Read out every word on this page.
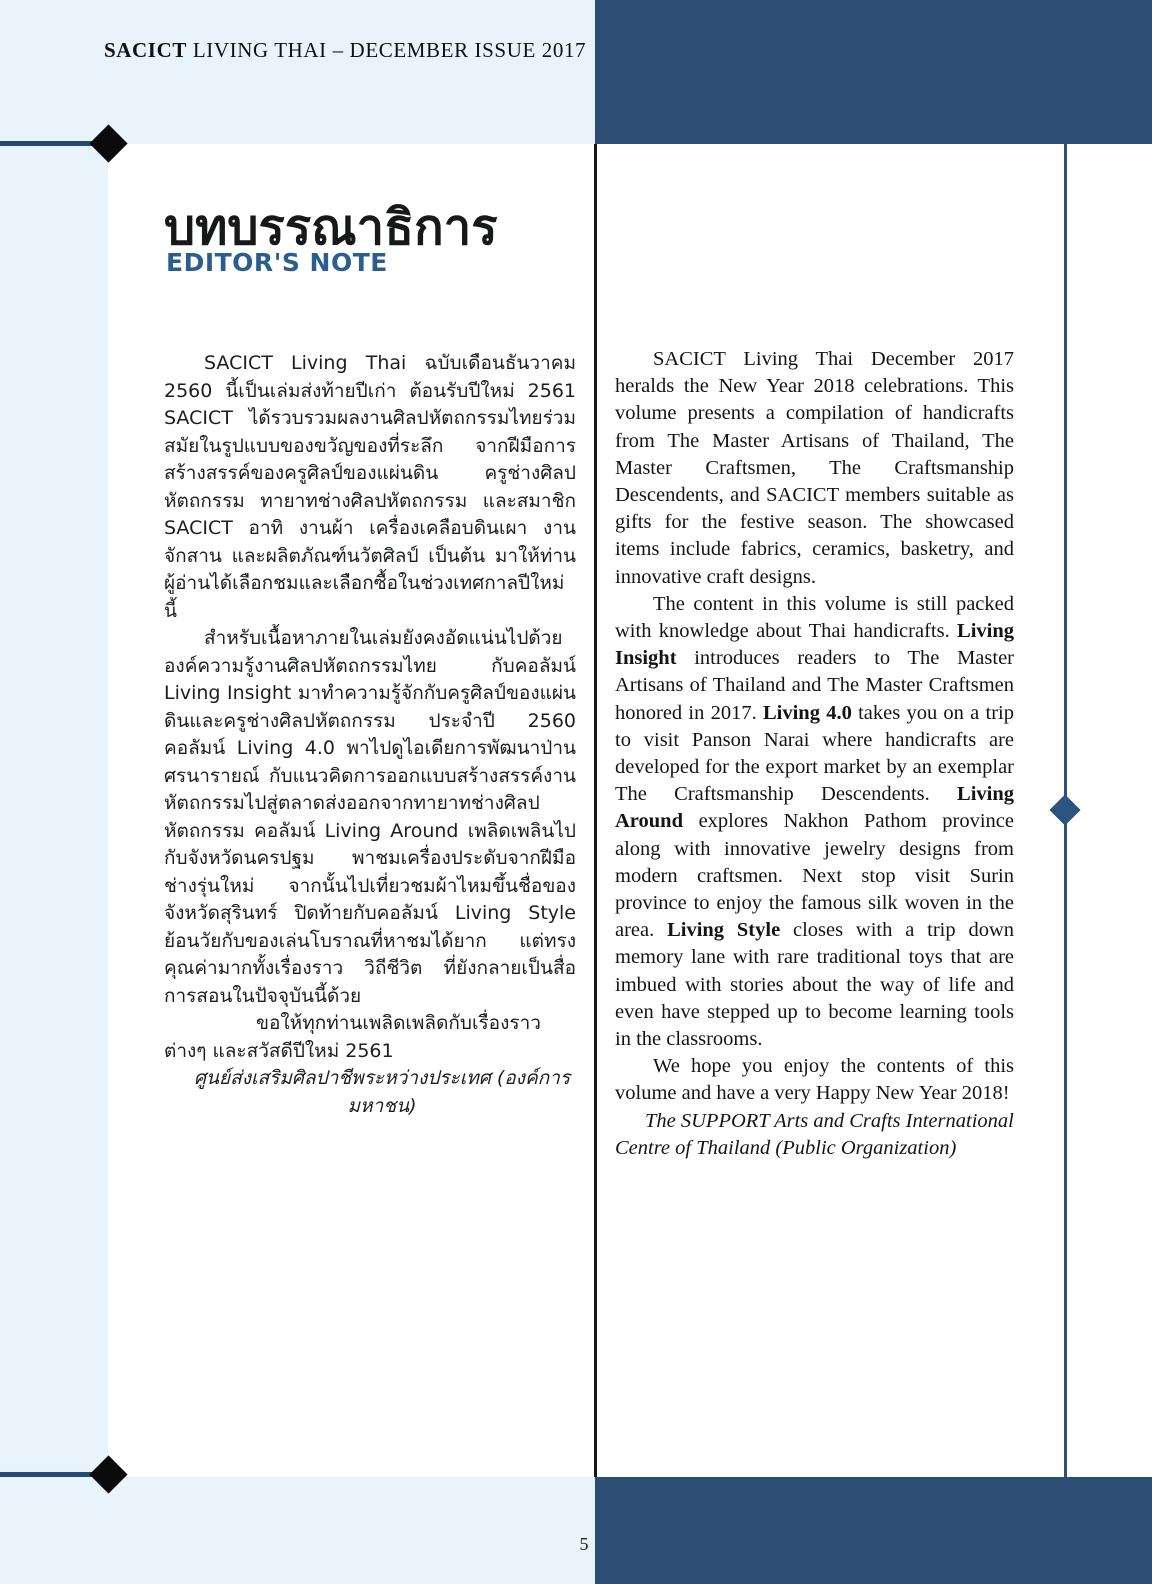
SACICT LIVING THAI – DECEMBER ISSUE 2017
บทบรรณาธิการ
EDITOR'S NOTE

SACICT Living Thai ฉบับเดือนธันวาคม 2560 นี้เป็นเล่มส่งท้ายปีเก่า ต้อนรับปีใหม่ 2561 SACICT ได้รวบรวมผลงานศิลปหัตถกรรมไทยร่วมสมัยในรูปแบบของขวัญของที่ระลึก จากฝีมือการสร้างสรรค์ของครูศิลป์ของแผ่นดิน ครูช่างศิลปหัตถกรรม ทายาทช่างศิลปหัตถกรรม และสมาชิก SACICT อาทิ งานผ้า เครื่องเคลือบดินเผา งานจักสาน และผลิตภัณฑ์นวัตศิลป์ เป็นต้น มาให้ท่านผู้อ่านได้เลือกชมและเลือกซื้อในช่วงเทศกาลปีใหม่นี้

สำหรับเนื้อหาภายในเล่มยังคงอัดแน่นไปด้วยองค์ความรู้งานศิลปหัตถกรรมไทย กับคอลัมน์ Living Insight มาทำความรู้จักกับครูศิลป์ของแผ่นดินและครูช่างศิลปหัตถกรรม ประจำปี 2560 คอลัมน์ Living 4.0 พาไปดูไอเดียการพัฒนาป่านศรนารายณ์ กับแนวคิดการออกแบบสร้างสรรค์งานหัตถกรรมไปสู่ตลาดส่งออกจากทายาทช่างศิลปหัตถกรรม คอลัมน์ Living Around เพลิดเพลินไปกับจังหวัดนครปฐม พาชมเครื่องประดับจากฝีมือช่างรุ่นใหม่ จากนั้นไปเที่ยวชมผ้าไหมขึ้นชื่อของจังหวัดสุรินทร์ ปิดท้ายกับคอลัมน์ Living Style ย้อนวัยกับของเล่นโบราณที่หาชมได้ยาก แต่ทรงคุณค่ามากทั้งเรื่องราว วิถีชีวิต ที่ยังกลายเป็นสื่อการสอนในปัจจุบันนี้ด้วย

ขอให้ทุกท่านเพลิดเพลิดกับเรื่องราวต่างๆ และสวัสดีปีใหม่ 2561

ศูนย์ส่งเสริมศิลปาชีพระหว่างประเทศ (องค์การมหาชน)

SACICT Living Thai December 2017 heralds the New Year 2018 celebrations. This volume presents a compilation of handicrafts from The Master Artisans of Thailand, The Master Craftsmen, The Craftsmanship Descendents, and SACICT members suitable as gifts for the festive season. The showcased items include fabrics, ceramics, basketry, and innovative craft designs.

The content in this volume is still packed with knowledge about Thai handicrafts. Living Insight introduces readers to The Master Artisans of Thailand and The Master Craftsmen honored in 2017. Living 4.0 takes you on a trip to visit Panson Narai where handicrafts are developed for the export market by an exemplar The Craftsmanship Descendents. Living Around explores Nakhon Pathom province along with innovative jewelry designs from modern craftsmen. Next stop visit Surin province to enjoy the famous silk woven in the area. Living Style closes with a trip down memory lane with rare traditional toys that are imbued with stories about the way of life and even have stepped up to become learning tools in the classrooms.

We hope you enjoy the contents of this volume and have a very Happy New Year 2018!

The SUPPORT Arts and Crafts International Centre of Thailand (Public Organization)

5
